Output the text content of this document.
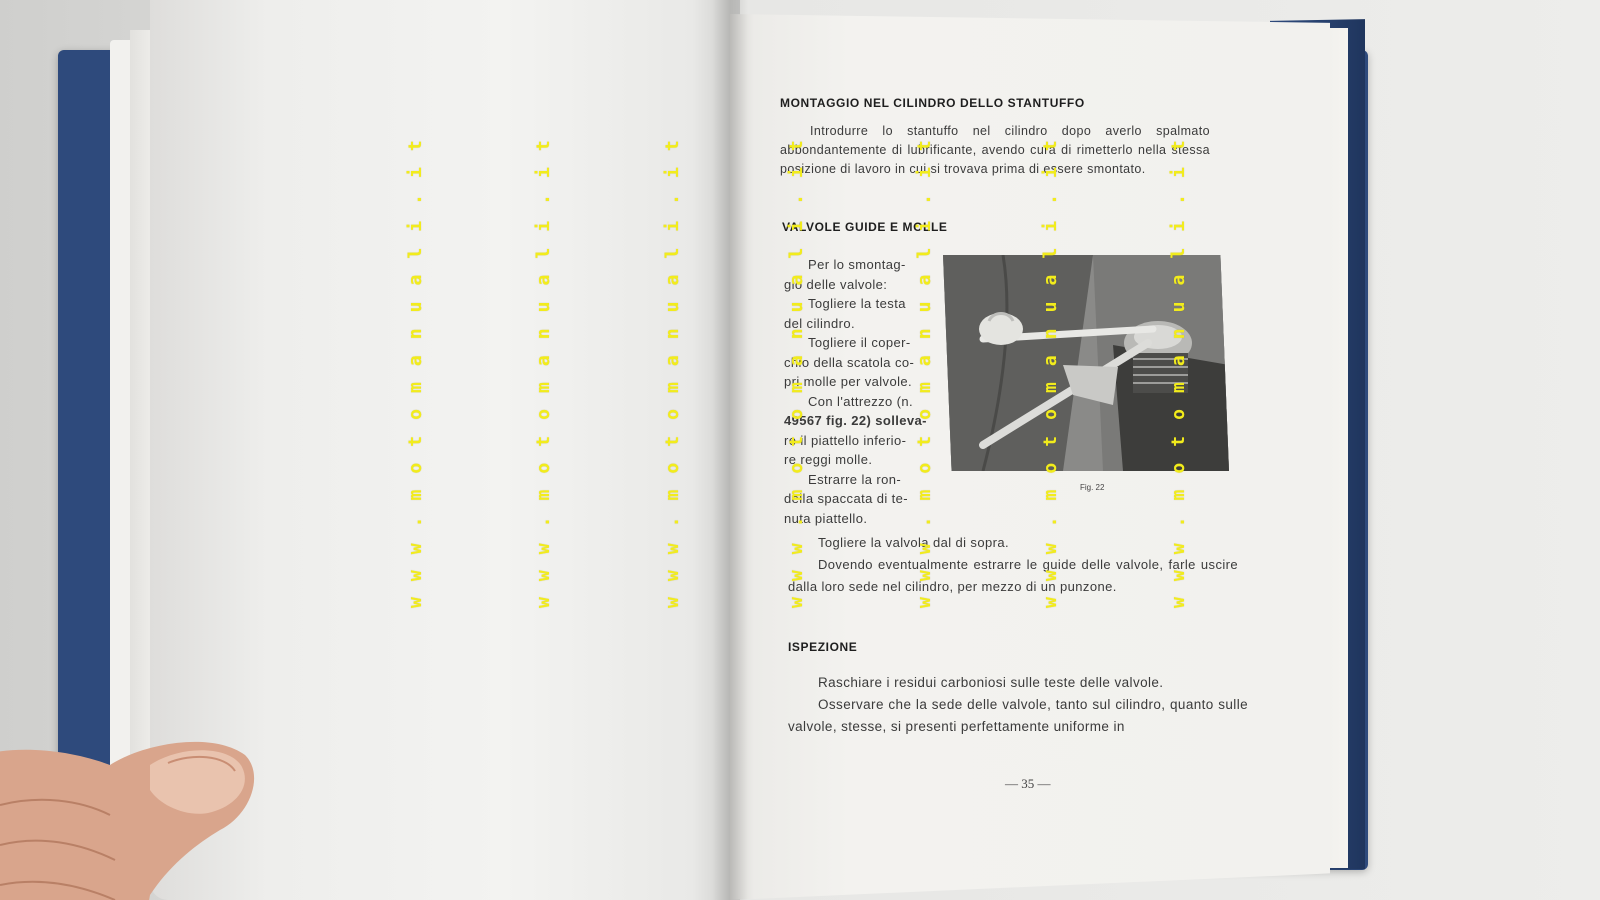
MONTAGGIO NEL CILINDRO DELLO STANTUFFO
Introdurre lo stantuffo nel cilindro dopo averlo spalmato abbondantemente di lubrificante, avendo cura di rimetterlo nella stessa posizione di lavoro in cui si trovava prima di essere smontato.
VALVOLE GUIDE E MOLLE
Per lo smontag-
gio delle valvole:
Togliere la testa
del cilindro.
Togliere il coper-
chio della scatola co-
pri molle per valvole.
Con l'attrezzo (n.
49567 fig. 22) solleva-
re il piattello inferio-
re reggi molle.
Estrarre la ron-
della spaccata di te-
nuta piattello.
Togliere la valvola dal di sopra.
Dovendo eventualmente estrarre le guide delle valvole, farle uscire dalla loro sede nel cilindro, per mezzo di un punzone.
ISPEZIONE
Raschiare i residui carboniosi sulle teste delle valvole.
Osservare che la sede delle valvole, tanto sul cilindro, quanto sulle valvole, stesse, si presenti perfettamente uniforme in
Fig. 22
— 35 —
w w w . m o t o m a n u a l i . i t	w w w . m o t o m a n u a l i . i t	w w w . m o t o m a n u a l i . i t	w w w . m o t o m a n u a l i . i t	w w w . m o t o m a n u a l i . i t	w w w . m o t o m a n u a l i . i t	w w w . m o t o m a n u a l i . i t
